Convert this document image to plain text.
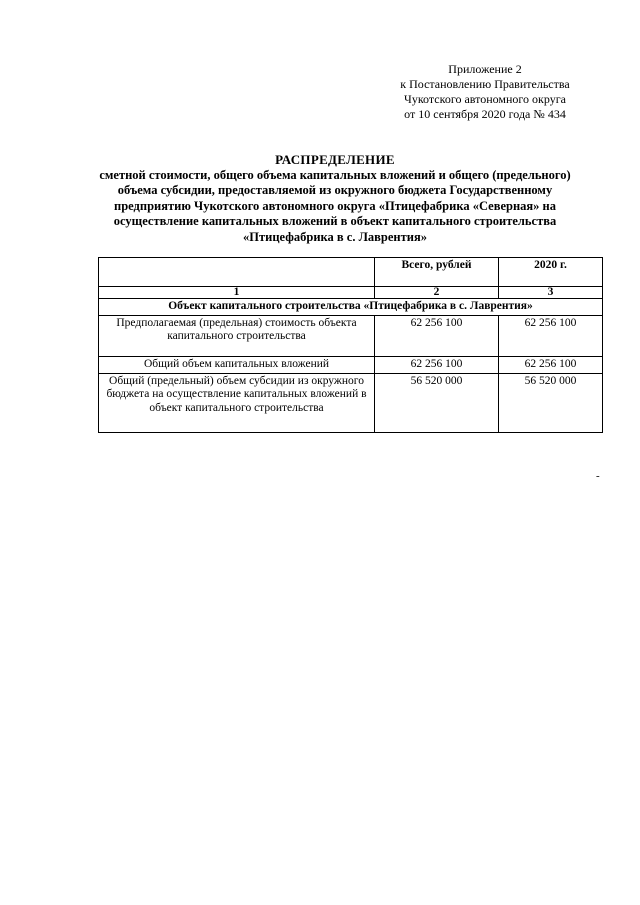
Приложение 2
к Постановлению Правительства
Чукотского автономного округа
от 10 сентября 2020 года № 434
РАСПРЕДЕЛЕНИЕ
сметной стоимости, общего объема капитальных вложений и общего (предельного)
объема субсидии, предоставляемой из окружного бюджета Государственному
предприятию Чукотского автономного округа «Птицефабрика «Северная» на
осуществление капитальных вложений в объект капитального строительства
«Птицефабрика в с. Лаврентия»
	Всего, рублей	2020 г.
1	2	3
Объект капитального строительства «Птицефабрика в с. Лаврентия»		
Предполагаемая (предельная) стоимость объекта капитального строительства	62 256 100	62 256 100
Общий объем капитальных вложений	62 256 100	62 256 100
Общий (предельный) объем субсидии из окружного бюджета на осуществление капитальных вложений в объект капитального строительства	56 520 000	56 520 000
-
